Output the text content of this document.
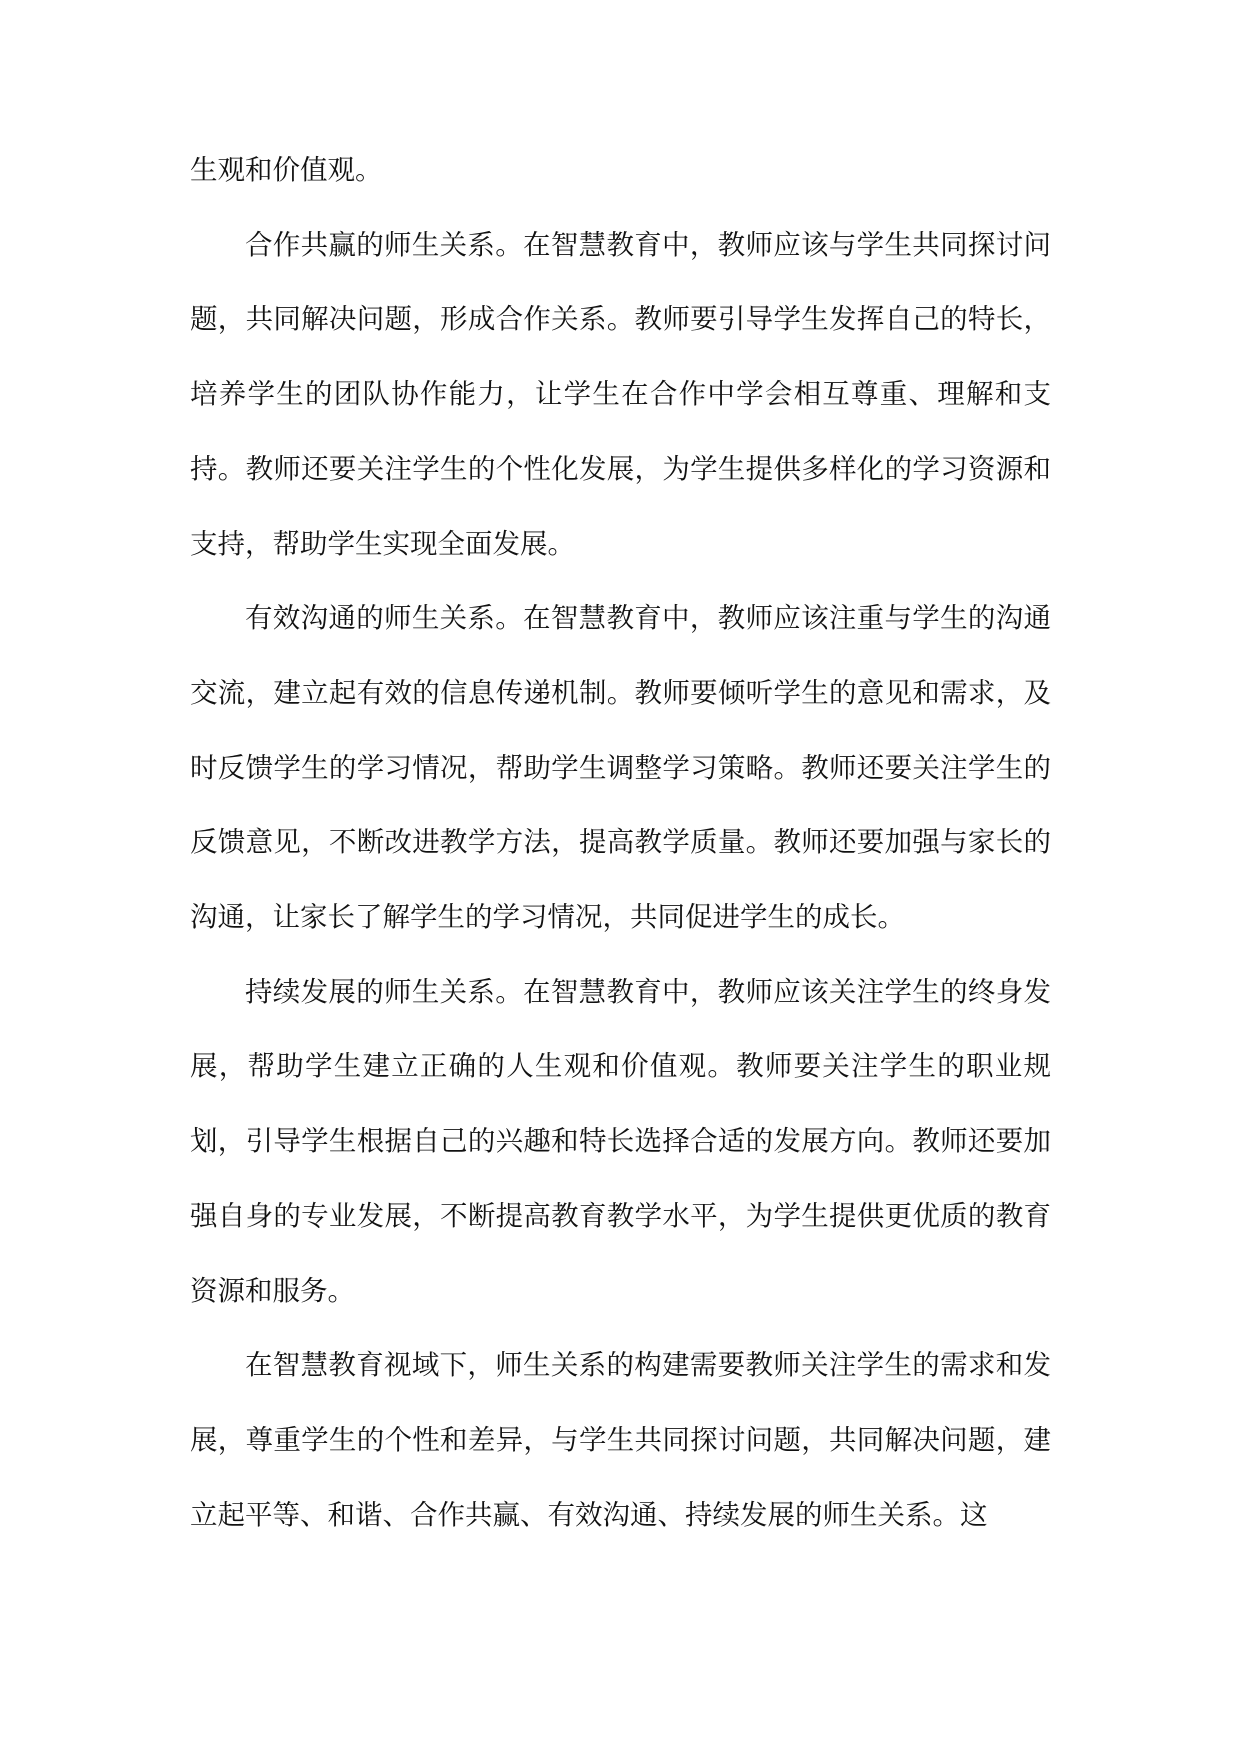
生观和价值观。

合作共赢的师生关系。在智慧教育中，教师应该与学生共同探讨问题，共同解决问题，形成合作关系。教师要引导学生发挥自己的特长，培养学生的团队协作能力，让学生在合作中学会相互尊重、理解和支持。教师还要关注学生的个性化发展，为学生提供多样化的学习资源和支持，帮助学生实现全面发展。

有效沟通的师生关系。在智慧教育中，教师应该注重与学生的沟通交流，建立起有效的信息传递机制。教师要倾听学生的意见和需求，及时反馈学生的学习情况，帮助学生调整学习策略。教师还要关注学生的反馈意见，不断改进教学方法，提高教学质量。教师还要加强与家长的沟通，让家长了解学生的学习情况，共同促进学生的成长。

持续发展的师生关系。在智慧教育中，教师应该关注学生的终身发展，帮助学生建立正确的人生观和价值观。教师要关注学生的职业规划，引导学生根据自己的兴趣和特长选择合适的发展方向。教师还要加强自身的专业发展，不断提高教育教学水平，为学生提供更优质的教育资源和服务。

在智慧教育视域下，师生关系的构建需要教师关注学生的需求和发展，尊重学生的个性和差异，与学生共同探讨问题，共同解决问题，建立起平等、和谐、合作共赢、有效沟通、持续发展的师生关系。这
